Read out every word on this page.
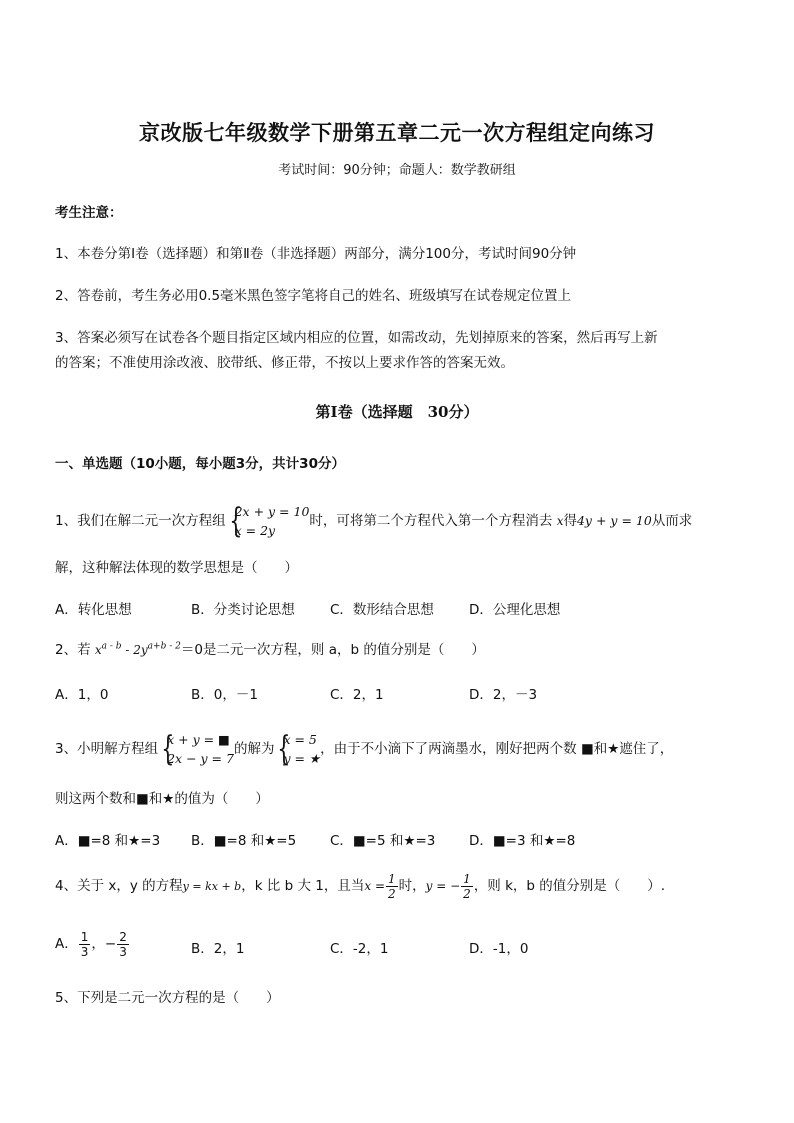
京改版七年级数学下册第五章二元一次方程组定向练习
考试时间：90分钟；命题人：数学教研组
考生注意：
1、本卷分第Ⅰ卷（选择题）和第Ⅱ卷（非选择题）两部分，满分100分，考试时间90分钟
2、答卷前，考生务必用0.5毫米黑色签字笔将自己的姓名、班级填写在试卷规定位置上
3、答案必须写在试卷各个题目指定区域内相应的位置，如需改动，先划掉原来的答案，然后再写上新
的答案；不准使用涂改液、胶带纸、修正带，不按以上要求作答的答案无效。
第Ⅰ卷（选择题　30分）
一、单选题（10小题，每小题3分，共计30分）
1、我们在解二元一次方程组 {
2x + y = 10
x = 2y
时，可将第二个方程代入第一个方程消去 x得4y + y = 10从而求
解，这种解法体现的数学思想是（　　）
A．转化思想	B．分类讨论思想	C．数形结合思想	D．公理化思想
2、若 $x^{a - b} - 2y^{a+b - 2}=0$是二元一次方程，则 a，b 的值分别是（　　）
A．1，0	B．0，－1	C．2，1	D．2，－3
3、小明解方程组 {
x + y = ■
2x − y = 7
的解为 {
x = 5
y = ★
，由于不小滴下了两滴墨水，刚好把两个数 ■和★遮住了，
则这两个数和■和★的值为（　　）
A．■=8 和★=3 B．■=8 和★=5	C．■=5 和★=3 D．■=3 和★=8
4、关于 x，y 的方程y = kx + b，k 比 b 大 1，且当$x = \frac{1}{2}$ 时，y = − $\frac{1}{2}$ ，则 k，b 的值分别是（　　）.
A． $\frac{1}{3}$ ，− $\frac{2}{3}$	B．2，1	C．-2，1	D．-1，0
5、下列是二元一次方程的是（　　）
